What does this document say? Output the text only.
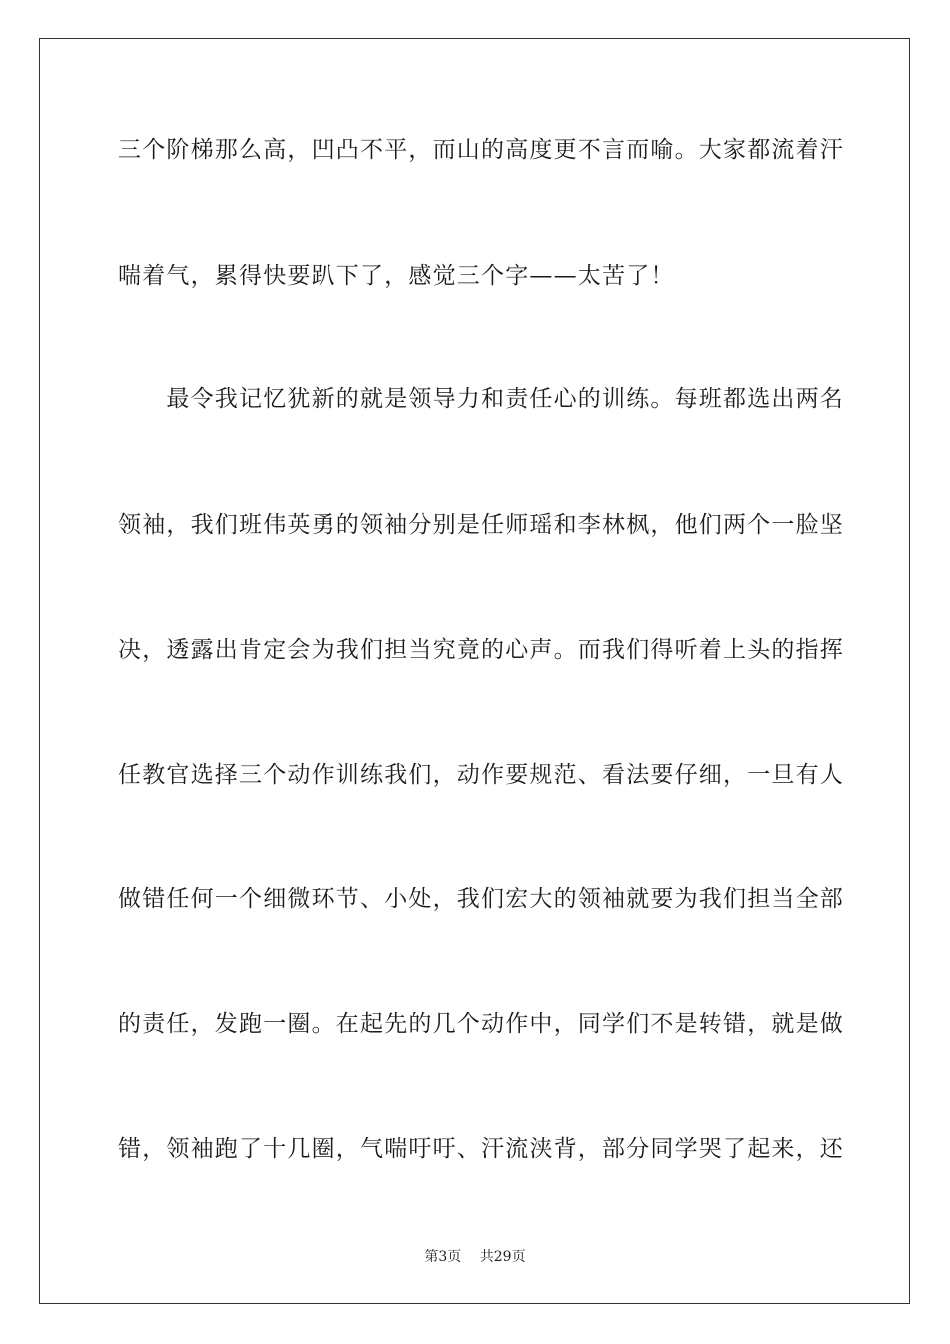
三个阶梯那么高，凹凸不平，而山的高度更不言而喻。大家都流着汗
喘着气，累得快要趴下了，感觉三个字——太苦了！
　　最令我记忆犹新的就是领导力和责任心的训练。每班都选出两名
领袖，我们班伟英勇的领袖分别是任师瑶和李林枫，他们两个一脸坚
决，透露出肯定会为我们担当究竟的心声。而我们得听着上头的指挥
任教官选择三个动作训练我们，动作要规范、看法要仔细，一旦有人
做错任何一个细微环节、小处，我们宏大的领袖就要为我们担当全部
的责任，发跑一圈。在起先的几个动作中，同学们不是转错，就是做
错，领袖跑了十几圈，气喘吁吁、汗流浃背，部分同学哭了起来，还
第3页　 共29页
